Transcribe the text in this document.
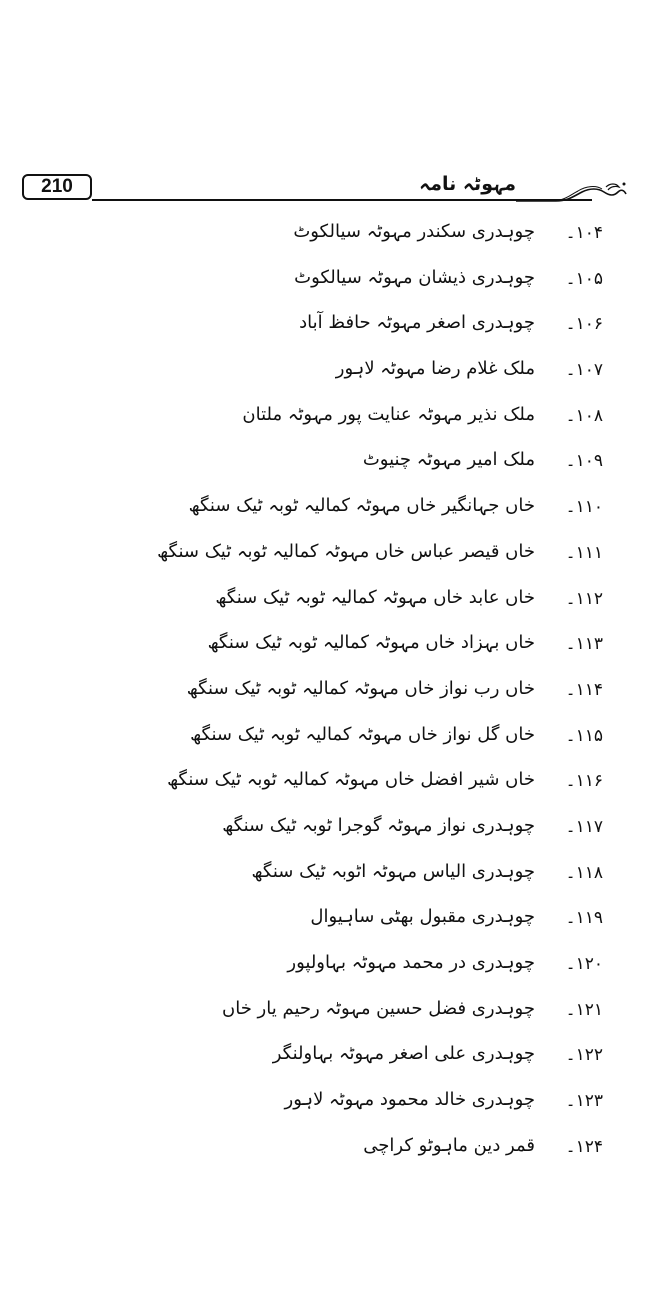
210	مہوٹہ نامہ
۱۰۴۔
چوہدری سکندر مہوٹہ سیالکوٹ
۱۰۵۔
چوہدری ذیشان مہوٹہ سیالکوٹ
۱۰۶۔
چوہدری اصغر مہوٹہ حافظ آباد
۱۰۷۔
ملک غلام رضا مہوٹہ لاہور
۱۰۸۔
ملک نذیر مہوٹہ عنایت پور مہوٹہ ملتان
۱۰۹۔
ملک امیر مہوٹہ چنیوٹ
۱۱۰۔
خاں جہانگیر خاں مہوٹہ کمالیہ ٹوبہ ٹیک سنگھ
۱۱۱۔
خاں قیصر عباس خاں مہوٹہ کمالیہ ٹوبہ ٹیک سنگھ
۱۱۲۔
خاں عابد خاں مہوٹہ کمالیہ ٹوبہ ٹیک سنگھ
۱۱۳۔
خاں بہزاد خاں مہوٹہ کمالیہ ٹوبہ ٹیک سنگھ
۱۱۴۔
خاں رب نواز خاں مہوٹہ کمالیہ ٹوبہ ٹیک سنگھ
۱۱۵۔
خاں گل نواز خاں مہوٹہ کمالیہ ٹوبہ ٹیک سنگھ
۱۱۶۔
خاں شیر افضل خاں مہوٹہ کمالیہ ٹوبہ ٹیک سنگھ
۱۱۷۔
چوہدری نواز مہوٹہ گوجرا ٹوبہ ٹیک سنگھ
۱۱۸۔
چوہدری الیاس مہوٹہ اٹوبہ ٹیک سنگھ
۱۱۹۔
چوہدری مقبول بھٹی ساہیوال
۱۲۰۔
چوہدری در محمد مہوٹہ بہاولپور
۱۲۱۔
چوہدری فضل حسین مہوٹہ رحیم یار خاں
۱۲۲۔
چوہدری علی اصغر مہوٹہ بہاولنگر
۱۲۳۔
چوہدری خالد محمود مہوٹہ لاہور
۱۲۴۔
قمر دین ماہوٹو کراچی
